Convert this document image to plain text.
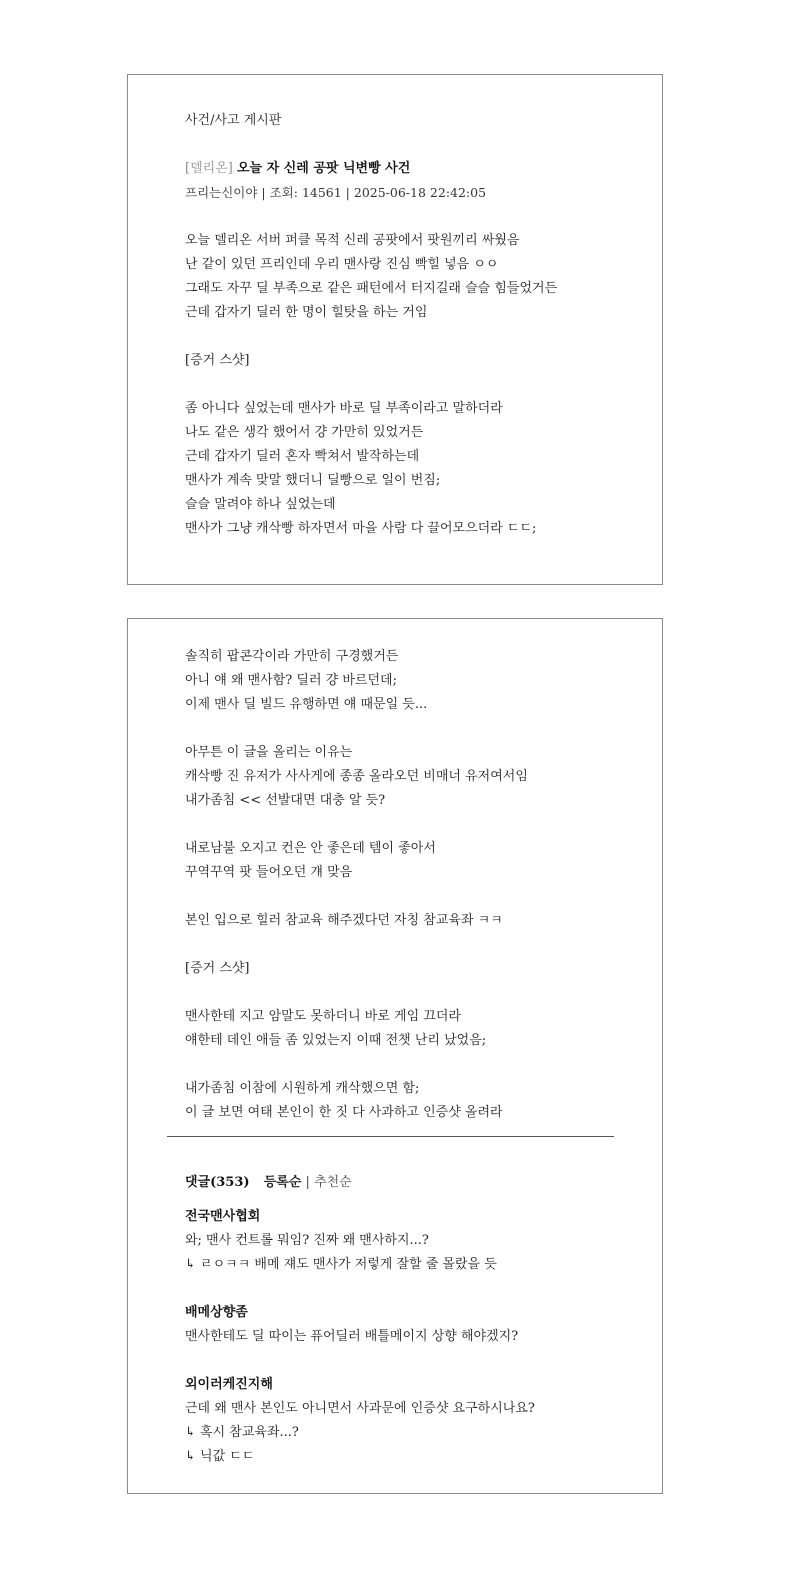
사건/사고 게시판
[델리온] 오늘 자 신레 공팟 닉변빵 사건
프리는신이야 | 조회: 14561 | 2025-06-18 22:42:05
오늘 델리온 서버 퍼클 목적 신레 공팟에서 팟원끼리 싸웠음
난 같이 있던 프리인데 우리 맨사랑 진심 빡힐 넣음 ㅇㅇ
그래도 자꾸 딜 부족으로 같은 패턴에서 터지길래 슬슬 힘들었거든
근데 갑자기 딜러 한 명이 힐탓을 하는 거임
[증거 스샷]
좀 아니다 싶었는데 맨사가 바로 딜 부족이라고 말하더라
나도 같은 생각 했어서 걍 가만히 있었거든
근데 갑자기 딜러 혼자 빡쳐서 발작하는데
맨사가 계속 맞말 했더니 딜빵으로 일이 번짐;
슬슬 말려야 하나 싶었는데
맨사가 그냥 캐삭빵 하자면서 마을 사람 다 끌어모으더라 ㄷㄷ;
솔직히 팝콘각이라 가만히 구경했거든
아니 얘 왜 맨사함? 딜러 걍 바르던데;
이제 맨사 딜 빌드 유행하면 얘 때문일 듯...
아무튼 이 글을 올리는 이유는
캐삭빵 진 유저가 사사게에 종종 올라오던 비매너 유저여서임
내가좀침 << 선발대면 대충 알 듯?
내로남불 오지고 컨은 안 좋은데 템이 좋아서
꾸역꾸역 팟 들어오던 걔 맞음
본인 입으로 힐러 참교육 해주겠다던 자칭 참교육좌 ㅋㅋ
[증거 스샷]
맨사한테 지고 암말도 못하더니 바로 게임 끄더라
얘한테 데인 애들 좀 있었는지 이때 전챗 난리 났었음;
내가좀침 이참에 시원하게 캐삭했으면 함;
이 글 보면 여태 본인이 한 짓 다 사과하고 인증샷 올려라
댓글(353) 등록순 | 추천순
전국맨사협회
와; 맨사 컨트롤 뭐임? 진짜 왜 맨사하지...?
↳ ㄹㅇㅋㅋ 배메 쟤도 맨사가 저렇게 잘할 줄 몰랐을 듯
배메상향좀
맨사한테도 딜 따이는 퓨어딜러 배틀메이지 상향 해야겠지?
외이러케진지해
근데 왜 맨사 본인도 아니면서 사과문에 인증샷 요구하시나요?
↳ 혹시 참교육좌...?
↳ 닉값 ㄷㄷ
